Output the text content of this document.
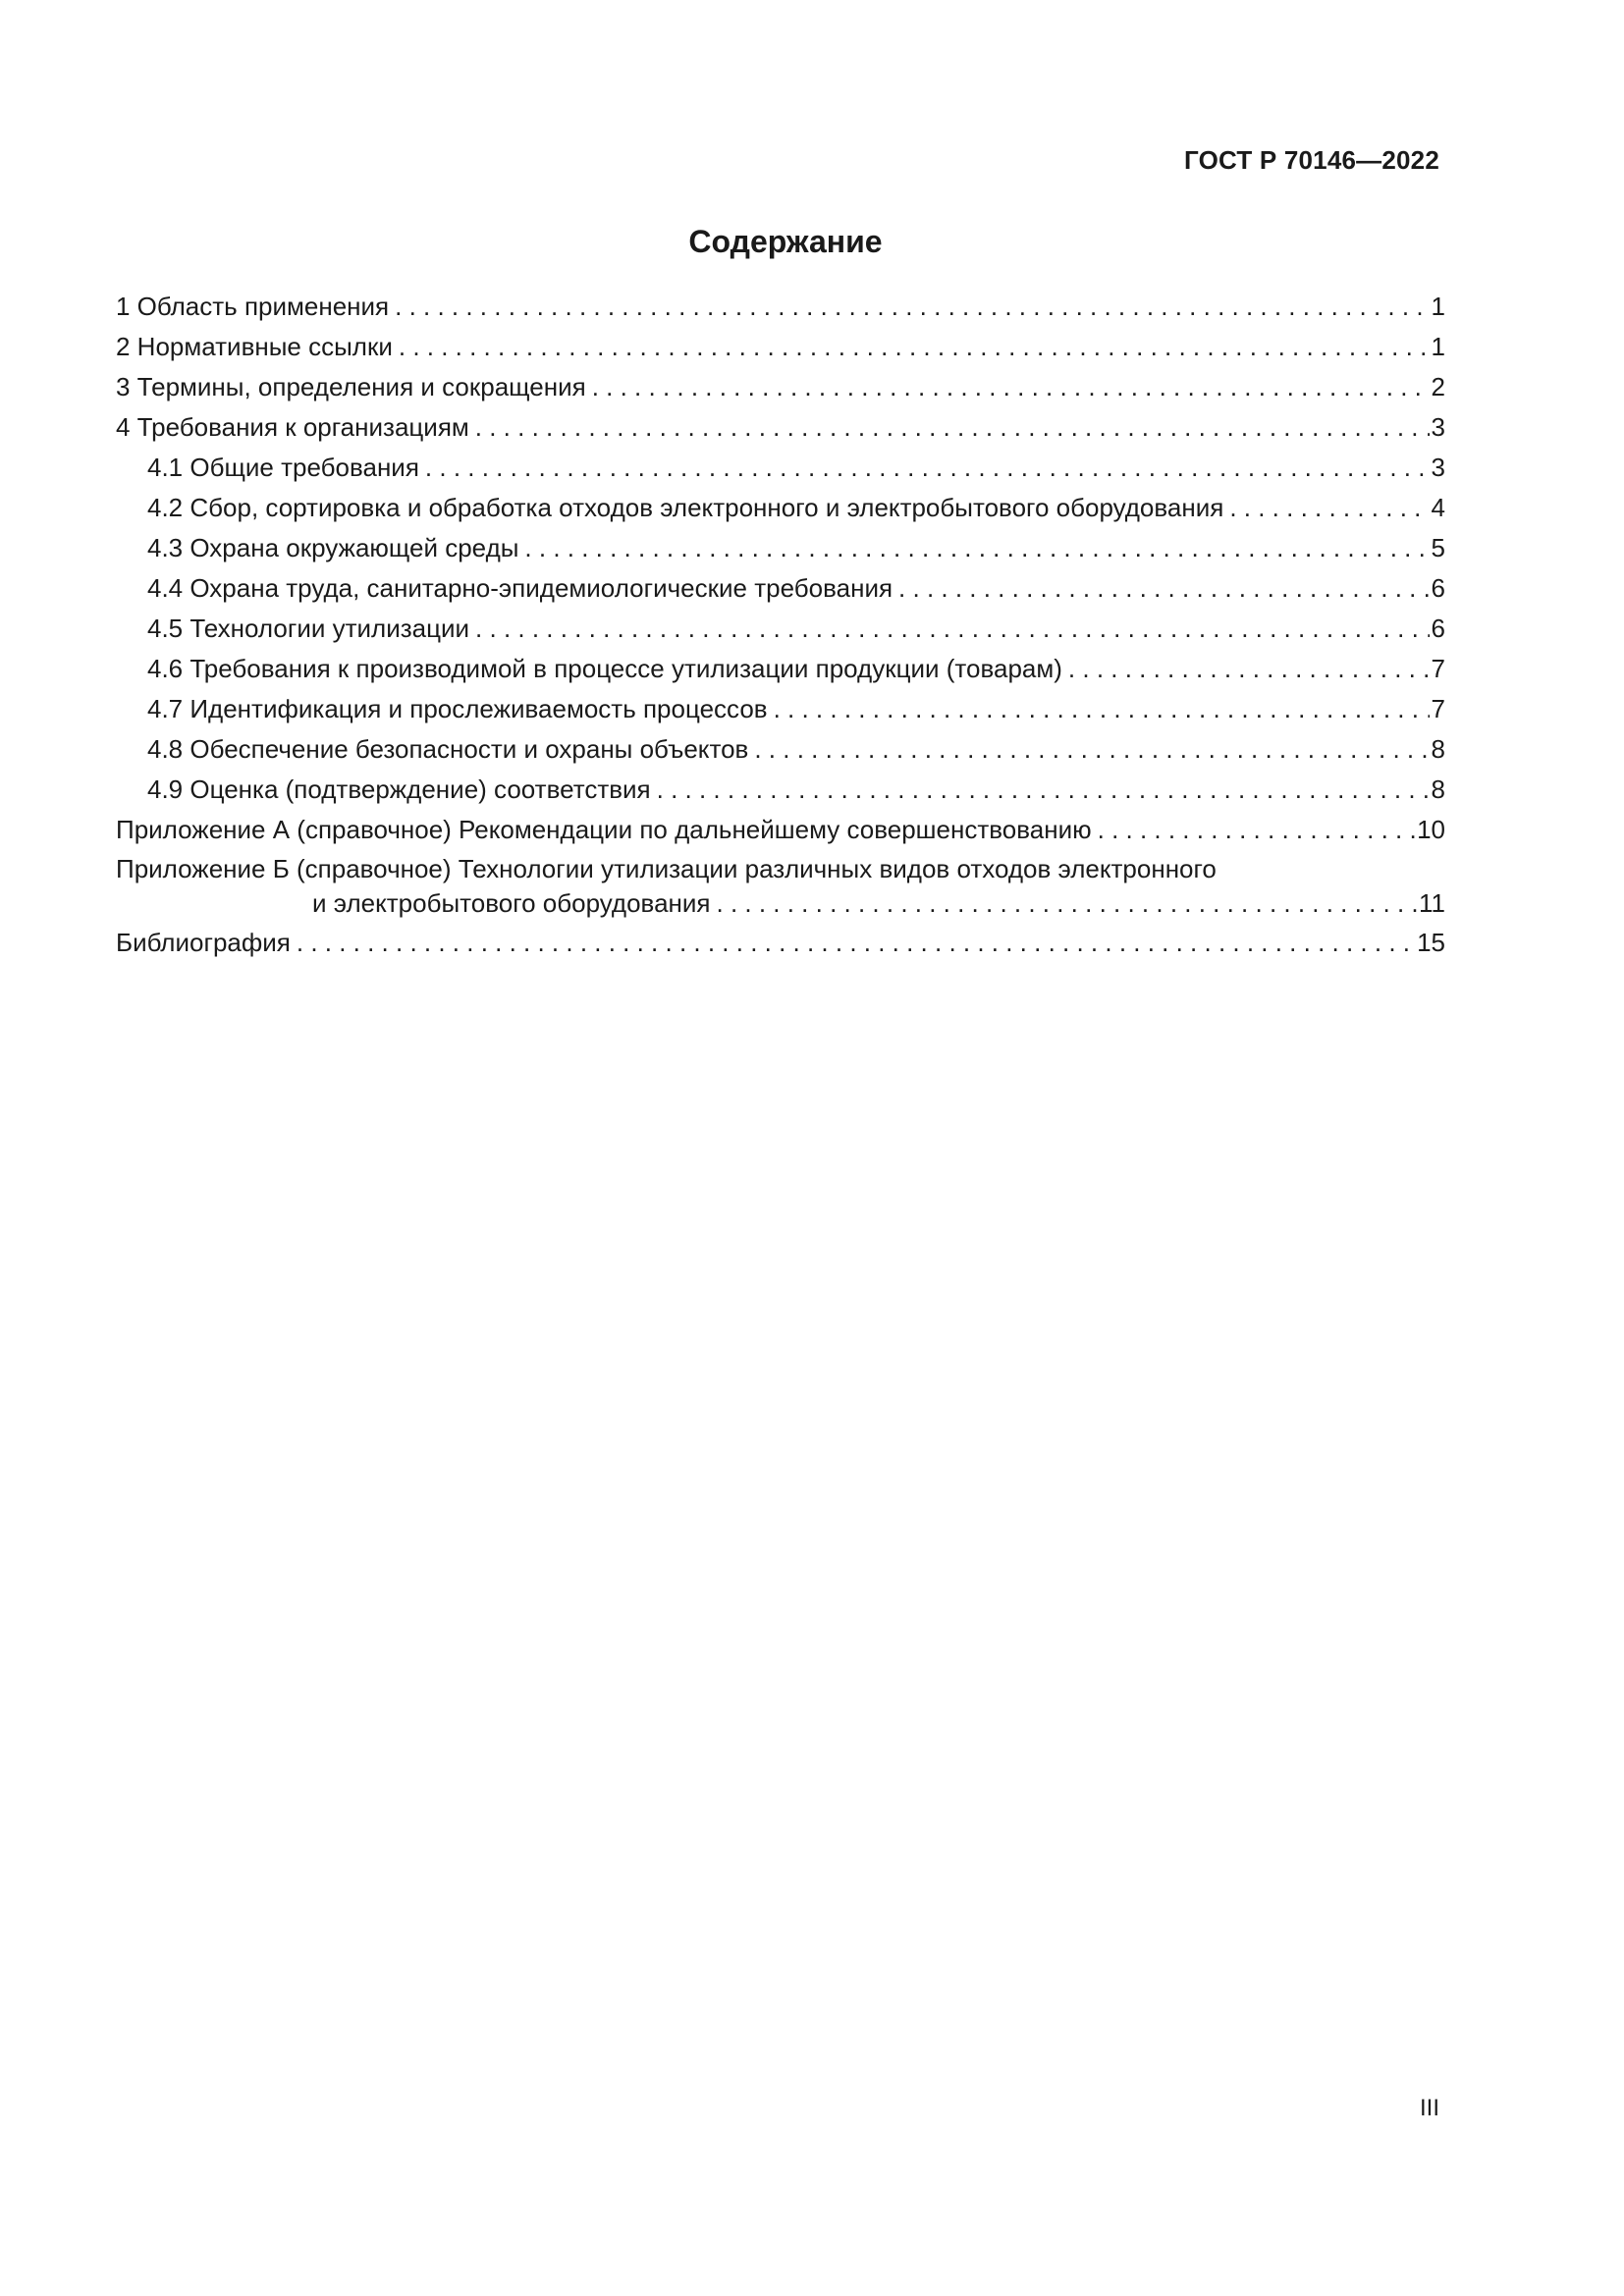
ГОСТ Р 70146—2022
Содержание
1 Область применения . . .	1
2 Нормативные ссылки . . .	1
3 Термины, определения и сокращения . . .	2
4 Требования к организациям . . .	3
4.1 Общие требования . . .	3
4.2 Сбор, сортировка и обработка отходов электронного и электробытового оборудования . . .	4
4.3 Охрана окружающей среды . . .	5
4.4 Охрана труда, санитарно-эпидемиологические требования . . .	6
4.5 Технологии утилизации . . .	6
4.6 Требования к производимой в процессе утилизации продукции (товарам) . . .	7
4.7 Идентификация и прослеживаемость процессов . . .	7
4.8 Обеспечение безопасности и охраны объектов . . .	8
4.9 Оценка (подтверждение) соответствия . . .	8
Приложение А (справочное) Рекомендации по дальнейшему совершенствованию . . .	10
Приложение Б (справочное) Технологии утилизации различных видов отходов электронного
и электробытового оборудования . . .	11
Библиография . . .	15
III
